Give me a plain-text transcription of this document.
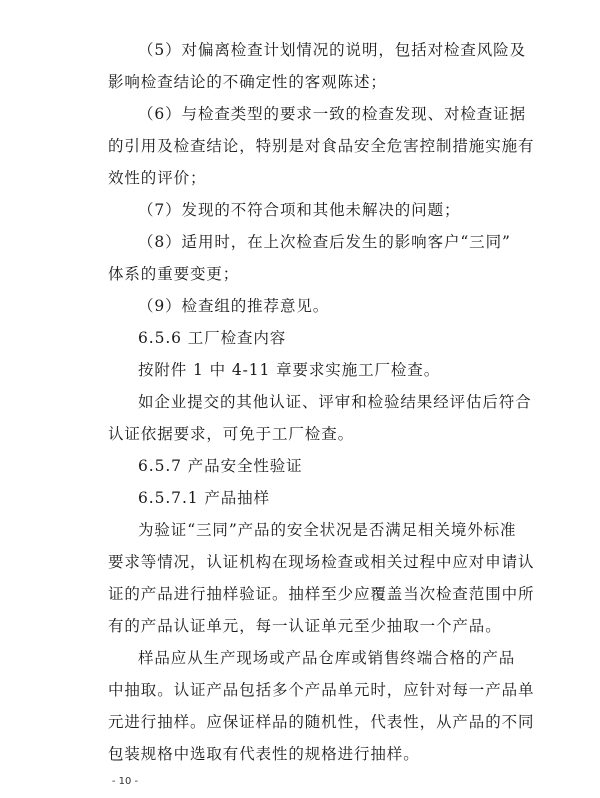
（5）对偏离检查计划情况的说明，包括对检查风险及
影响检查结论的不确定性的客观陈述；
（6）与检查类型的要求一致的检查发现、对检查证据
的引用及检查结论，特别是对食品安全危害控制措施实施有
效性的评价；
（7）发现的不符合项和其他未解决的问题；
（8）适用时，在上次检查后发生的影响客户“三同”
体系的重要变更；
（9）检查组的推荐意见。
6.5.6 工厂检查内容
按附件 1 中 4-11 章要求实施工厂检查。
如企业提交的其他认证、评审和检验结果经评估后符合
认证依据要求，可免于工厂检查。
6.5.7 产品安全性验证
6.5.7.1 产品抽样
为验证“三同”产品的安全状况是否满足相关境外标准
要求等情况，认证机构在现场检查或相关过程中应对申请认
证的产品进行抽样验证。抽样至少应覆盖当次检查范围中所
有的产品认证单元，每一认证单元至少抽取一个产品。
样品应从生产现场或产品仓库或销售终端合格的产品
中抽取。认证产品包括多个产品单元时，应针对每一产品单
元进行抽样。应保证样品的随机性，代表性，从产品的不同
包装规格中选取有代表性的规格进行抽样。
- 10 -
